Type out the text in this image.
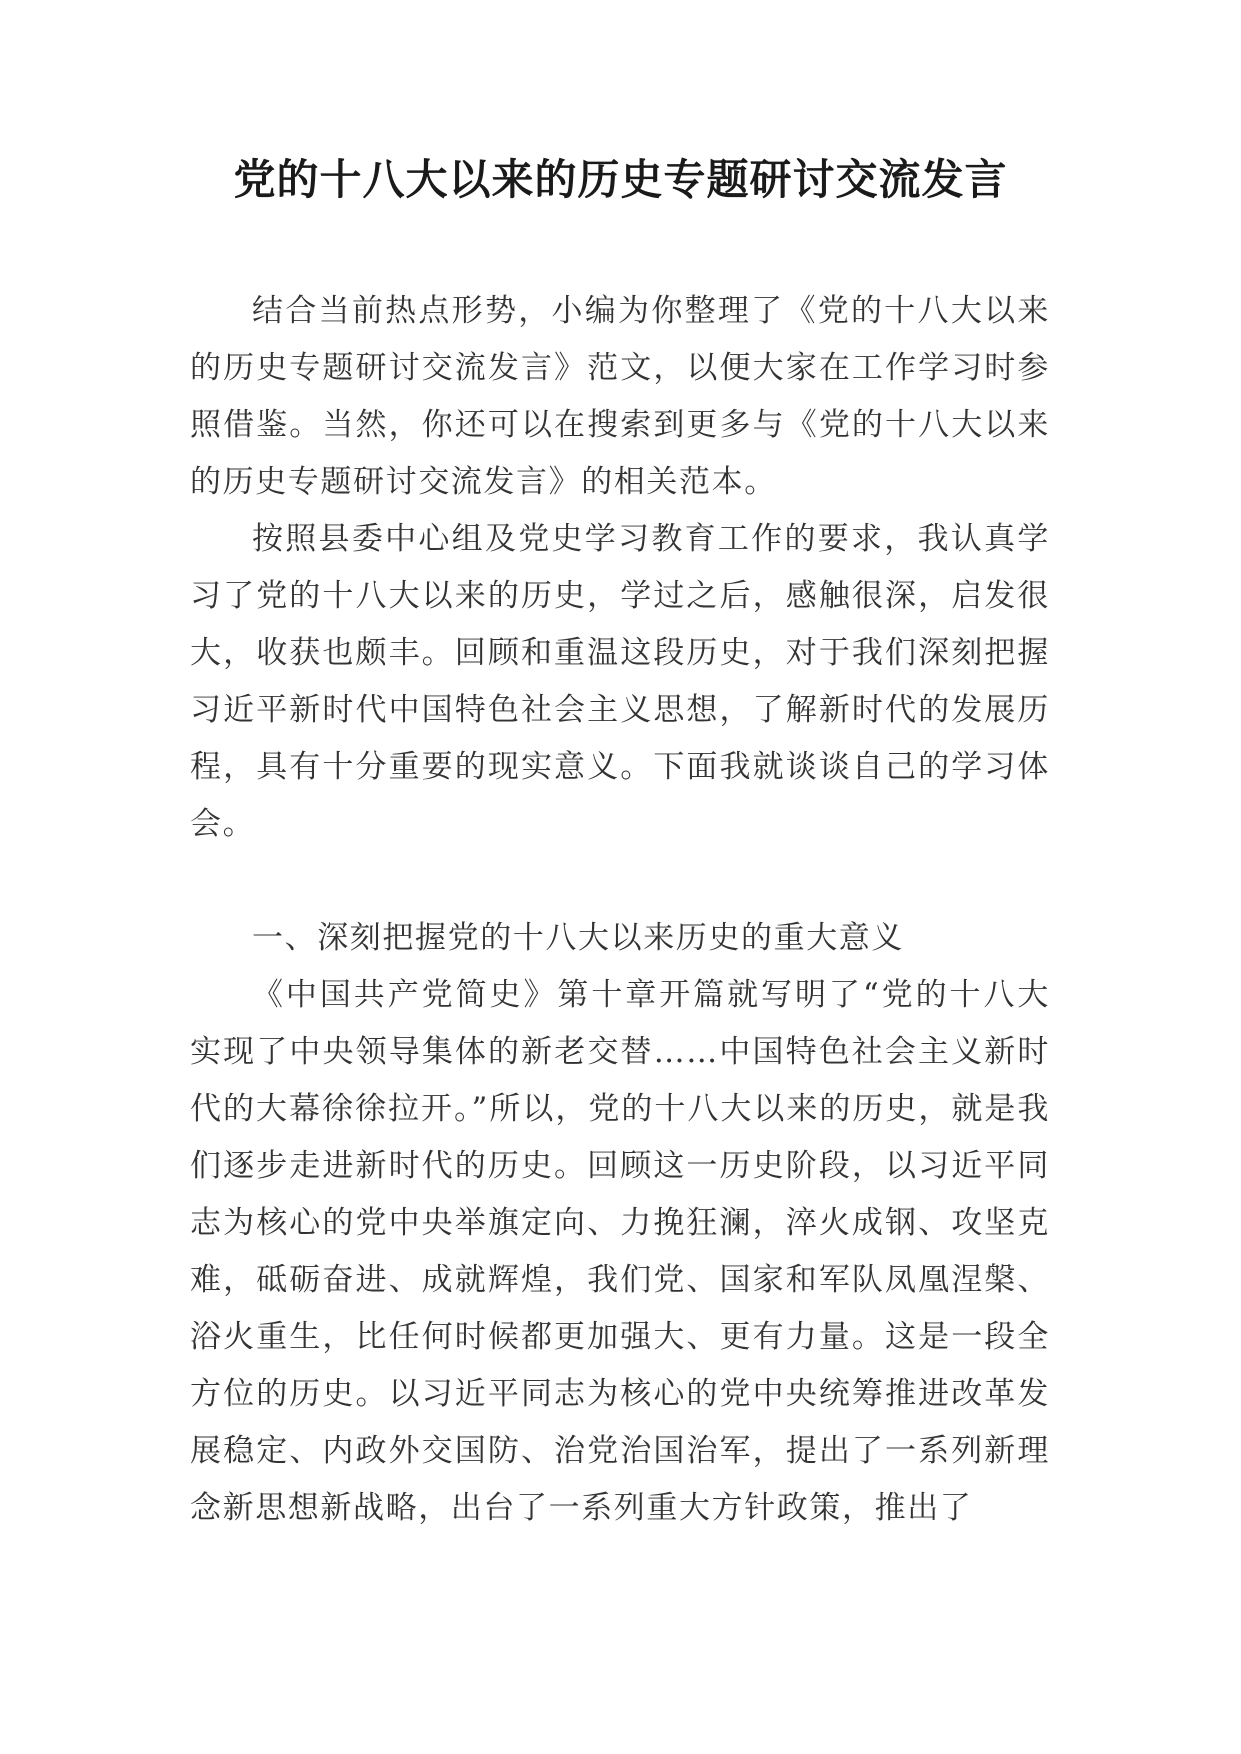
党的十八大以来的历史专题研讨交流发言

结合当前热点形势，小编为你整理了《党的十八大以来的历史专题研讨交流发言》范文，以便大家在工作学习时参照借鉴。当然，你还可以在搜索到更多与《党的十八大以来的历史专题研讨交流发言》的相关范本。

按照县委中心组及党史学习教育工作的要求，我认真学习了党的十八大以来的历史，学过之后，感触很深，启发很大，收获也颇丰。回顾和重温这段历史，对于我们深刻把握习近平新时代中国特色社会主义思想，了解新时代的发展历程，具有十分重要的现实意义。下面我就谈谈自己的学习体会。

一、深刻把握党的十八大以来历史的重大意义

《中国共产党简史》第十章开篇就写明了“党的十八大实现了中央领导集体的新老交替……中国特色社会主义新时代的大幕徐徐拉开。”所以，党的十八大以来的历史，就是我们逐步走进新时代的历史。回顾这一历史阶段，以习近平同志为核心的党中央举旗定向、力挽狂澜，淬火成钢、攻坚克难，砥砺奋进、成就辉煌，我们党、国家和军队凤凰涅槃、浴火重生，比任何时候都更加强大、更有力量。这是一段全方位的历史。以习近平同志为核心的党中央统筹推进改革发展稳定、内政外交国防、治党治国治军，提出了一系列新理念新思想新战略，出台了一系列重大方针政策，推出了
